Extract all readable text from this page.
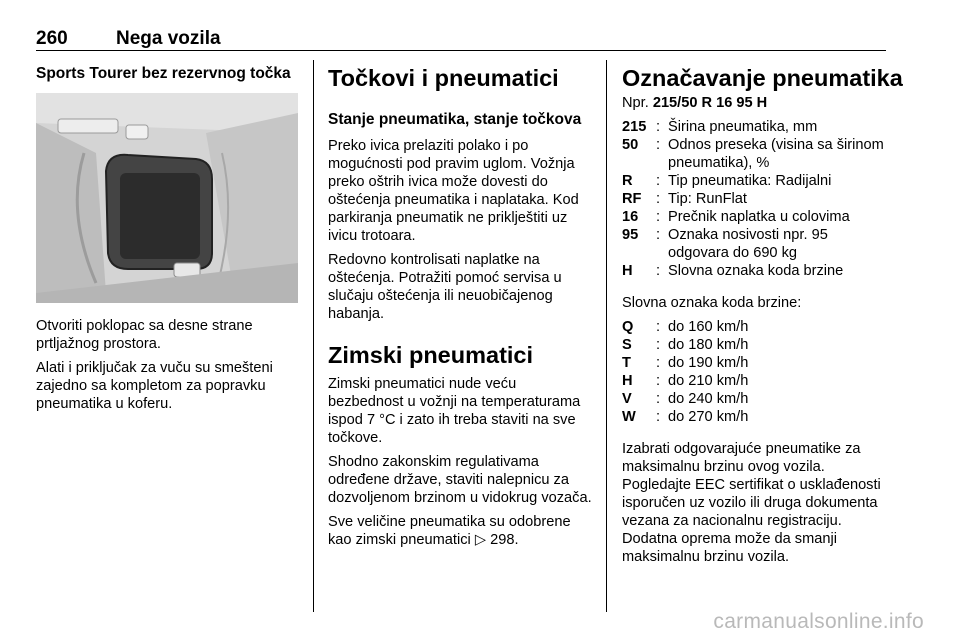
260	Nega vozila
Sports Tourer bez rezervnog točka

Otvoriti poklopac sa desne strane prtljažnog prostora.

Alati i priključak za vuču su smešteni zajedno sa kompletom za popravku pneumatika u koferu.

Točkovi i pneumatici
Stanje pneumatika, stanje točkova

Preko ivica prelaziti polako i po mogućnosti pod pravim uglom. Vožnja preko oštrih ivica može dovesti do oštećenja pneumatika i naplataka. Kod parkiranja pneumatik ne priklještiti uz ivicu trotoara.

Redovno kontrolisati naplatke na oštećenja. Potražiti pomoć servisa u slučaju oštećenja ili neuobičajenog habanja.

Zimski pneumatici

Zimski pneumatici nude veću bezbednost u vožnji na temperaturama ispod 7 °C i zato ih treba staviti na sve točkove.

Shodno zakonskim regulativama određene države, staviti nalepnicu za dozvoljenom brzinom u vidokrug vozača.

Sve veličine pneumatika su odobrene kao zimski pneumatici ▷ 298.

Označavanje pneumatika

Npr. 215/50 R 16 95 H

215 : Širina pneumatika, mm
50	: Odnos preseka (visina sa širinom pneumatika), %
R	: Tip pneumatika: Radijalni
RF : Tip: RunFlat
16	: Prečnik naplatka u colovima
95	: Oznaka nosivosti npr. 95 odgovara do 690 kg
H	: Slovna oznaka koda brzine

Slovna oznaka koda brzine:

Q	: do 160 km/h
S	: do 180 km/h
T	: do 190 km/h
H	: do 210 km/h
V	: do 240 km/h
W	: do 270 km/h

Izabrati odgovarajuće pneumatike za maksimalnu brzinu ovog vozila. Pogledajte EEC sertifikat o usklađenosti isporučen uz vozilo ili druga dokumenta vezana za nacionalnu registraciju. Dodatna oprema može da smanji maksimalnu brzinu vozila.

carmanualsonline.info
